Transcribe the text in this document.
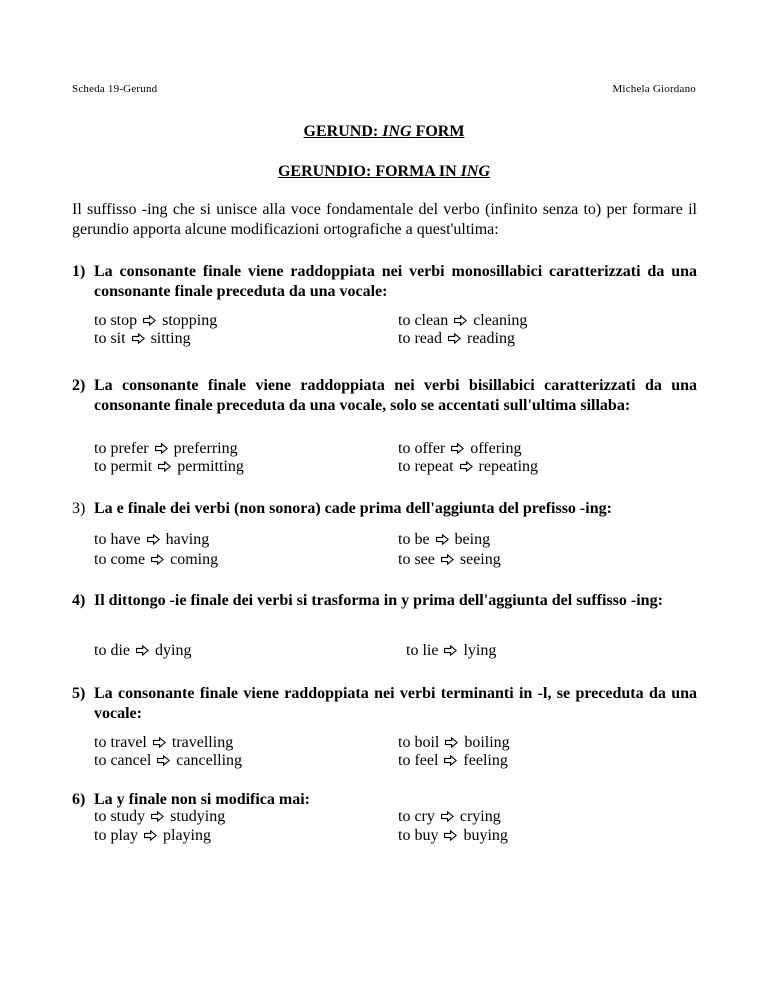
Scheda 19-Gerund	Michela Giordano
GERUND: ING FORM
GERUNDIO: FORMA IN ING
Il suffisso -ing che si unisce alla voce fondamentale del verbo (infinito senza to) per formare il gerundio apporta alcune modificazioni ortografiche a quest'ultima:
1) La consonante finale viene raddoppiata nei verbi monosillabici caratterizzati da una consonante finale preceduta da una vocale:
to stop stopping
to sit sitting
to clean cleaning
to read reading
2) La consonante finale viene raddoppiata nei verbi bisillabici caratterizzati da una consonante finale preceduta da una vocale, solo se accentati sull'ultima sillaba:
to prefer preferring
to permit permitting
to offer offering
to repeat repeating
3) La e finale dei verbi (non sonora) cade prima dell'aggiunta del prefisso -ing:
to have having
to come coming
to be being
to see seeing
4) Il dittongo -ie finale dei verbi si trasforma in y prima dell'aggiunta del suffisso -ing:
to die dying	to lie lying
5) La consonante finale viene raddoppiata nei verbi terminanti in -l, se preceduta da una vocale:
to travel travelling
to cancel cancelling
to boil boiling
to feel feeling
6) La y finale non si modifica mai:
to study studying
to play playing
to cry crying
to buy buying
